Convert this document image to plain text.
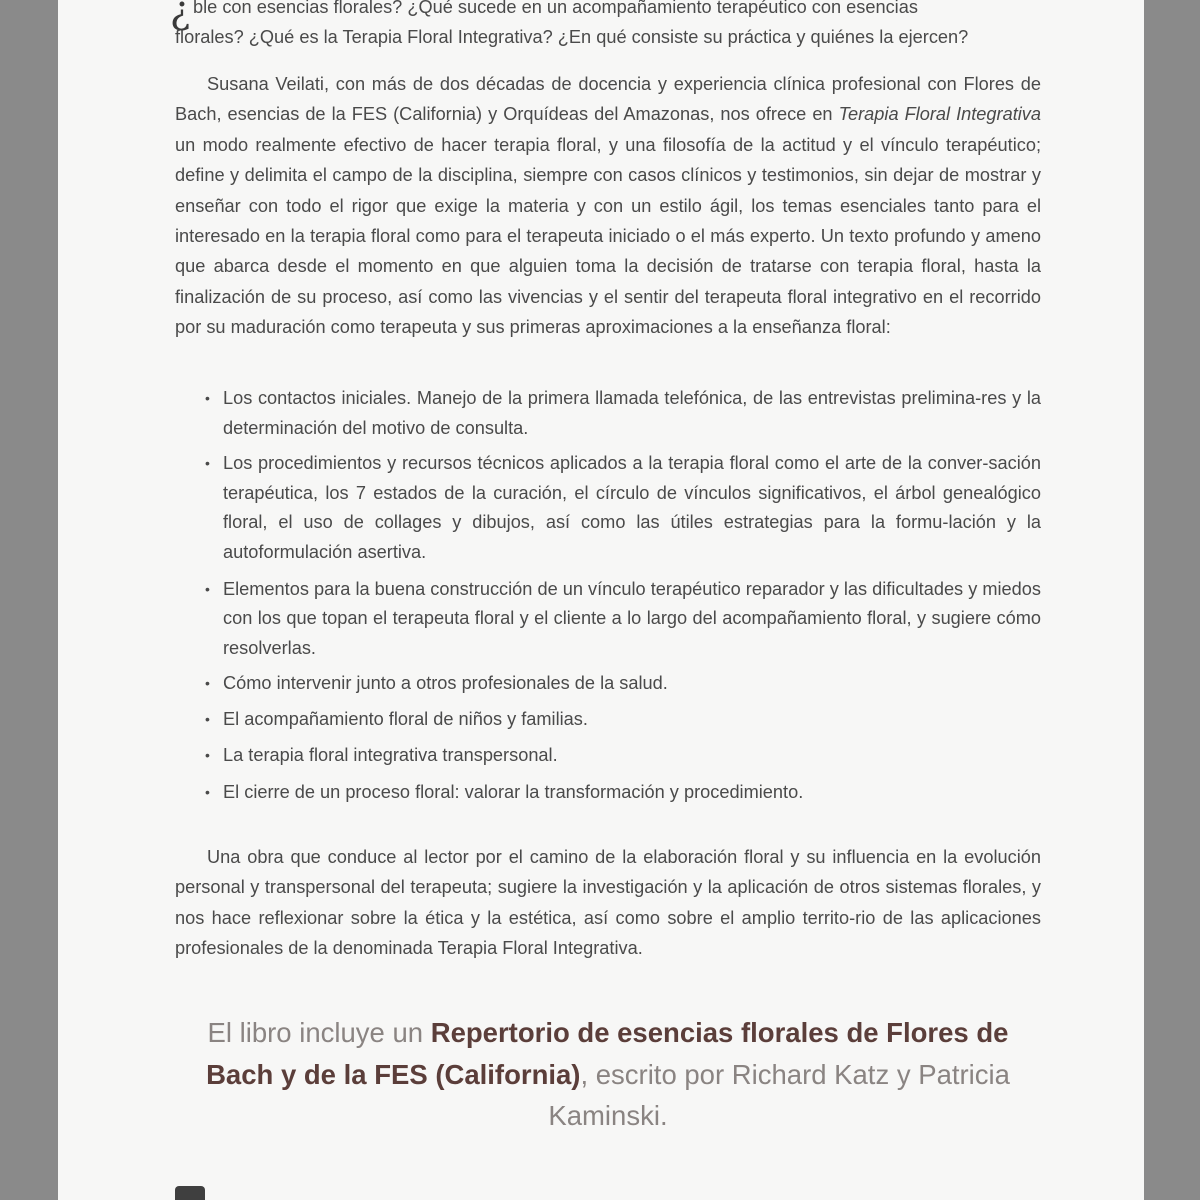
¿ ble con esencias florales? ¿Qué sucede en un acompañamiento terapéutico con esencias
florales? ¿Qué es la Terapia Floral Integrativa? ¿En qué consiste su práctica y quiénes la ejercen?

Susana Veilati, con más de dos décadas de docencia y experiencia clínica profesional con Flores de Bach, esencias de la FES (California) y Orquídeas del Amazonas, nos ofrece en Terapia Floral Integrativa un modo realmente efectivo de hacer terapia floral, y una filosofía de la actitud y el vínculo terapéutico; define y delimita el campo de la disciplina, siempre con casos clínicos y testimonios, sin dejar de mostrar y enseñar con todo el rigor que exige la materia y con un estilo ágil, los temas esenciales tanto para el interesado en la terapia floral como para el terapeuta iniciado o el más experto. Un texto profundo y ameno que abarca desde el momento en que alguien toma la decisión de tratarse con terapia floral, hasta la finalización de su proceso, así como las vivencias y el sentir del terapeuta floral integrativo en el recorrido por su maduración como terapeuta y sus primeras aproximaciones a la enseñanza floral:

• Los contactos iniciales. Manejo de la primera llamada telefónica, de las entrevistas prelimina-res y la determinación del motivo de consulta.
• Los procedimientos y recursos técnicos aplicados a la terapia floral como el arte de la conver-sación terapéutica, los 7 estados de la curación, el círculo de vínculos significativos, el árbol genealógico floral, el uso de collages y dibujos, así como las útiles estrategias para la formu-lación y la autoformulación asertiva.
• Elementos para la buena construcción de un vínculo terapéutico reparador y las dificultades y miedos con los que topan el terapeuta floral y el cliente a lo largo del acompañamiento floral, y sugiere cómo resolverlas.
• Cómo intervenir junto a otros profesionales de la salud.
• El acompañamiento floral de niños y familias.
• La terapia floral integrativa transpersonal.
• El cierre de un proceso floral: valorar la transformación y procedimiento.

Una obra que conduce al lector por el camino de la elaboración floral y su influencia en la evolución personal y transpersonal del terapeuta; sugiere la investigación y la aplicación de otros sistemas florales, y nos hace reflexionar sobre la ética y la estética, así como sobre el amplio territo-rio de las aplicaciones profesionales de la denominada Terapia Floral Integrativa.

El libro incluye un Repertorio de esencias florales de Flores de Bach y de la FES (California), escrito por Richard Katz y Patricia Kaminski.
